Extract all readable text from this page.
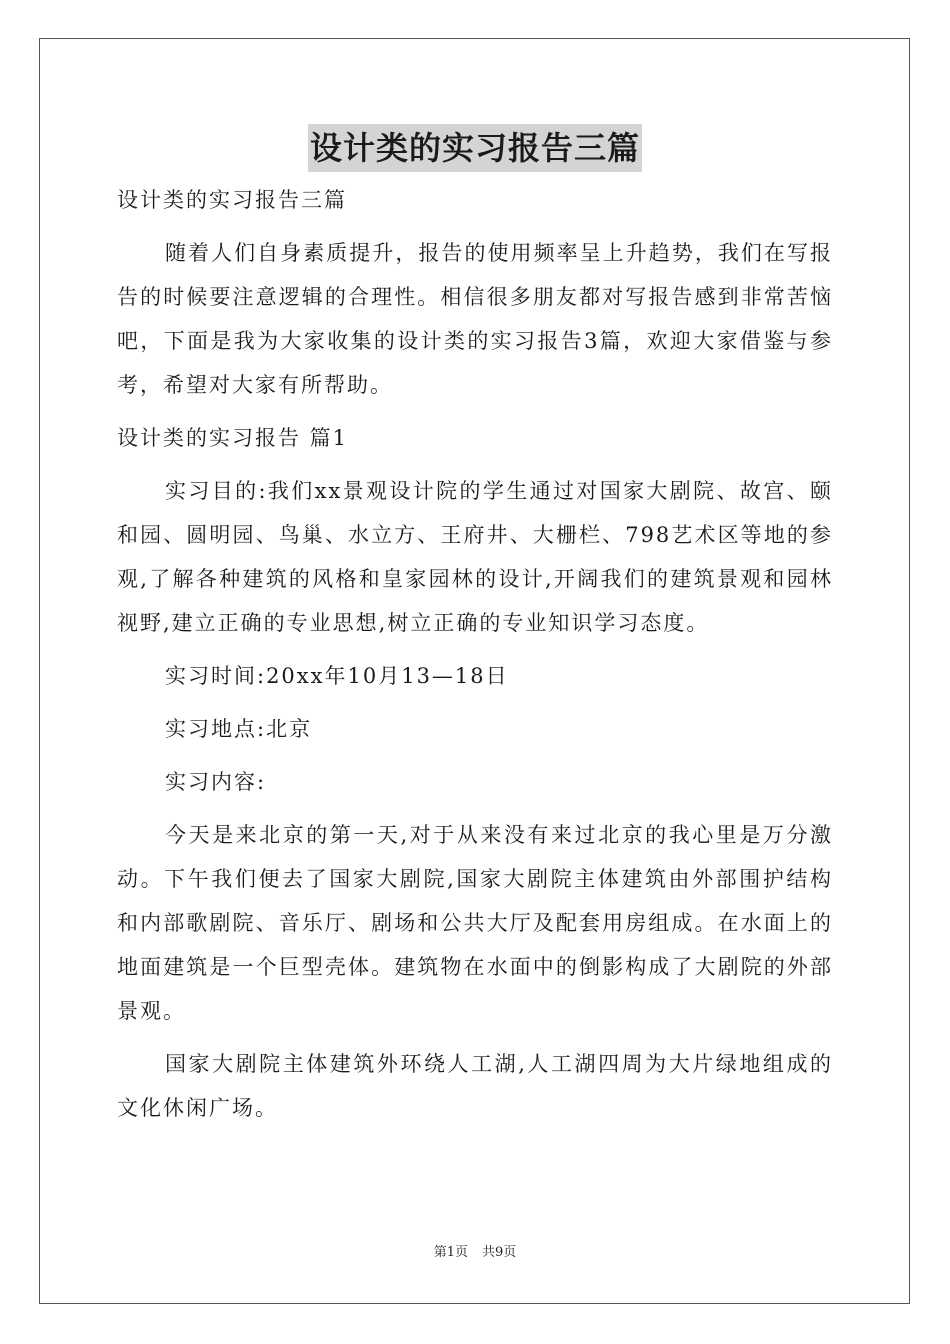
设计类的实习报告三篇

设计类的实习报告三篇

随着人们自身素质提升，报告的使用频率呈上升趋势，我们在写报告的时候要注意逻辑的合理性。相信很多朋友都对写报告感到非常苦恼吧，下面是我为大家收集的设计类的实习报告3篇，欢迎大家借鉴与参考，希望对大家有所帮助。

设计类的实习报告 篇1

实习目的:我们xx景观设计院的学生通过对国家大剧院、故宫、颐和园、圆明园、鸟巢、水立方、王府井、大栅栏、798艺术区等地的参观,了解各种建筑的风格和皇家园林的设计,开阔我们的建筑景观和园林视野,建立正确的专业思想,树立正确的专业知识学习态度。

实习时间:20xx年10月13—18日

实习地点:北京

实习内容:

今天是来北京的第一天,对于从来没有来过北京的我心里是万分激动。下午我们便去了国家大剧院,国家大剧院主体建筑由外部围护结构和内部歌剧院、音乐厅、剧场和公共大厅及配套用房组成。在水面上的地面建筑是一个巨型壳体。建筑物在水面中的倒影构成了大剧院的外部景观。

国家大剧院主体建筑外环绕人工湖,人工湖四周为大片绿地组成的文化休闲广场。

第1页 共9页
